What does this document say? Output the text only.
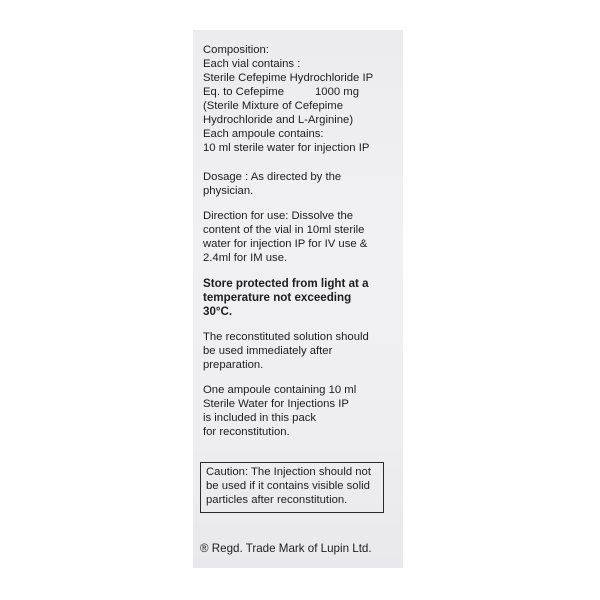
Composition:
Each vial contains :
Sterile Cefepime Hydrochloride IP
Eq. to Cefepime	1000 mg
(Sterile Mixture of Cefepime
Hydrochloride and L-Arginine)
Each ampoule contains:
10 ml sterile water for injection IP
Dosage : As directed by the
physician.
Direction for use: Dissolve the
content of the vial in 10ml sterile
water for injection IP for IV use &
2.4ml for IM use.
Store protected from light at a
temperature not exceeding
30°C.
The reconstituted solution should
be used immediately after
preparation.
One ampoule containing 10 ml
Sterile Water for Injections IP
is included in this pack
for reconstitution.
Caution: The Injection should not
be used if it contains visible solid
particles after reconstitution.
® Regd. Trade Mark of Lupin Ltd.
